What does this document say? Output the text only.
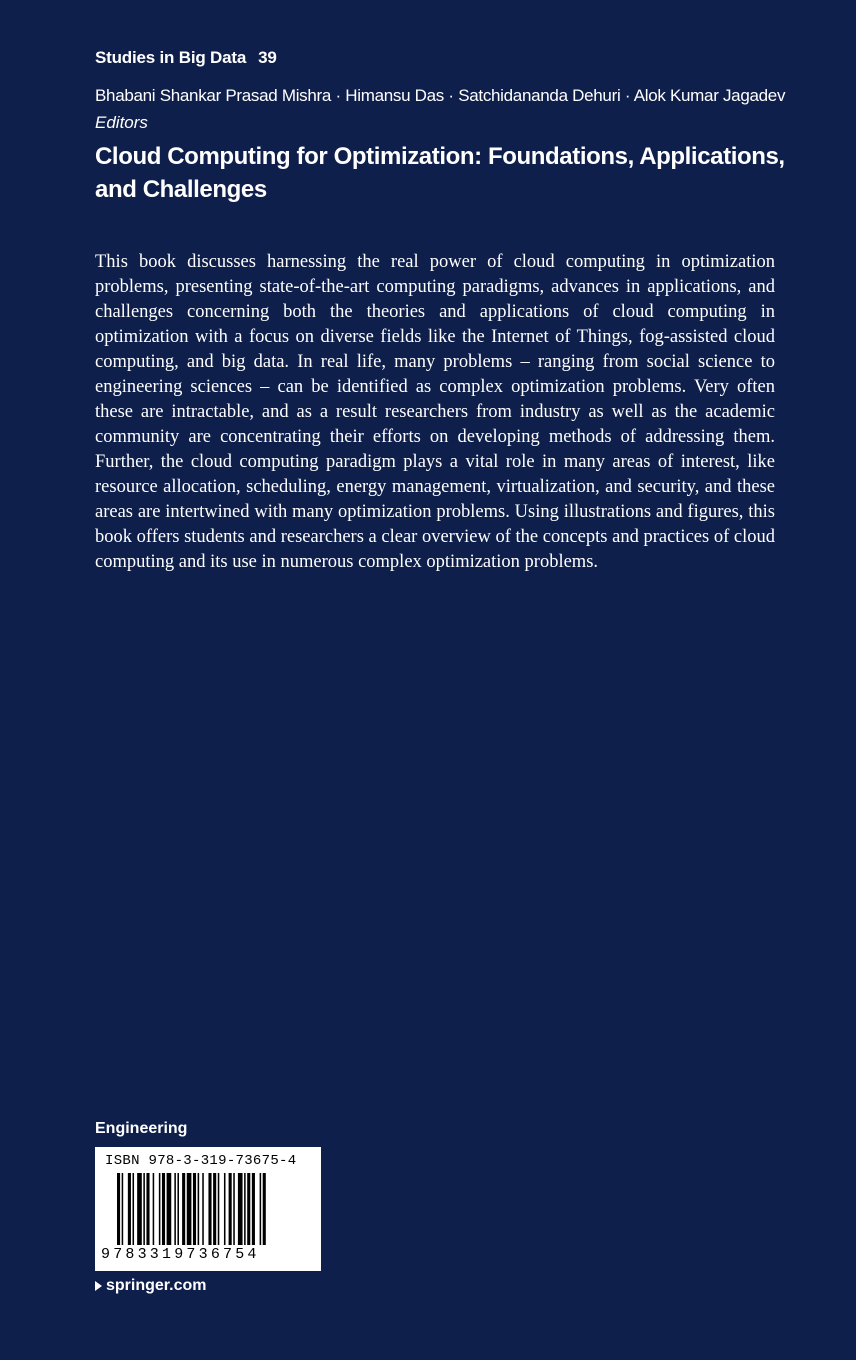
Studies in Big Data 39
Bhabani Shankar Prasad Mishra · Himansu Das · Satchidananda Dehuri · Alok Kumar Jagadev
Editors
Cloud Computing for Optimization: Foundations, Applications, and Challenges
This book discusses harnessing the real power of cloud computing in optimization problems, presenting state-of-the-art computing paradigms, advances in applications, and challenges concerning both the theories and applications of cloud computing in optimization with a focus on diverse fields like the Internet of Things, fog-assisted cloud computing, and big data. In real life, many problems – ranging from social science to engineering sciences – can be identified as complex optimization problems. Very often these are intractable, and as a result researchers from industry as well as the academic community are concentrating their efforts on developing methods of addressing them. Further, the cloud computing paradigm plays a vital role in many areas of interest, like resource allocation, scheduling, energy management, virtualization, and security, and these areas are intertwined with many optimization problems. Using illustrations and figures, this book offers students and researchers a clear overview of the concepts and practices of cloud computing and its use in numerous complex optimization problems.
Engineering
ISBN 978-3-319-73675-4
9783319736754
springer.com
